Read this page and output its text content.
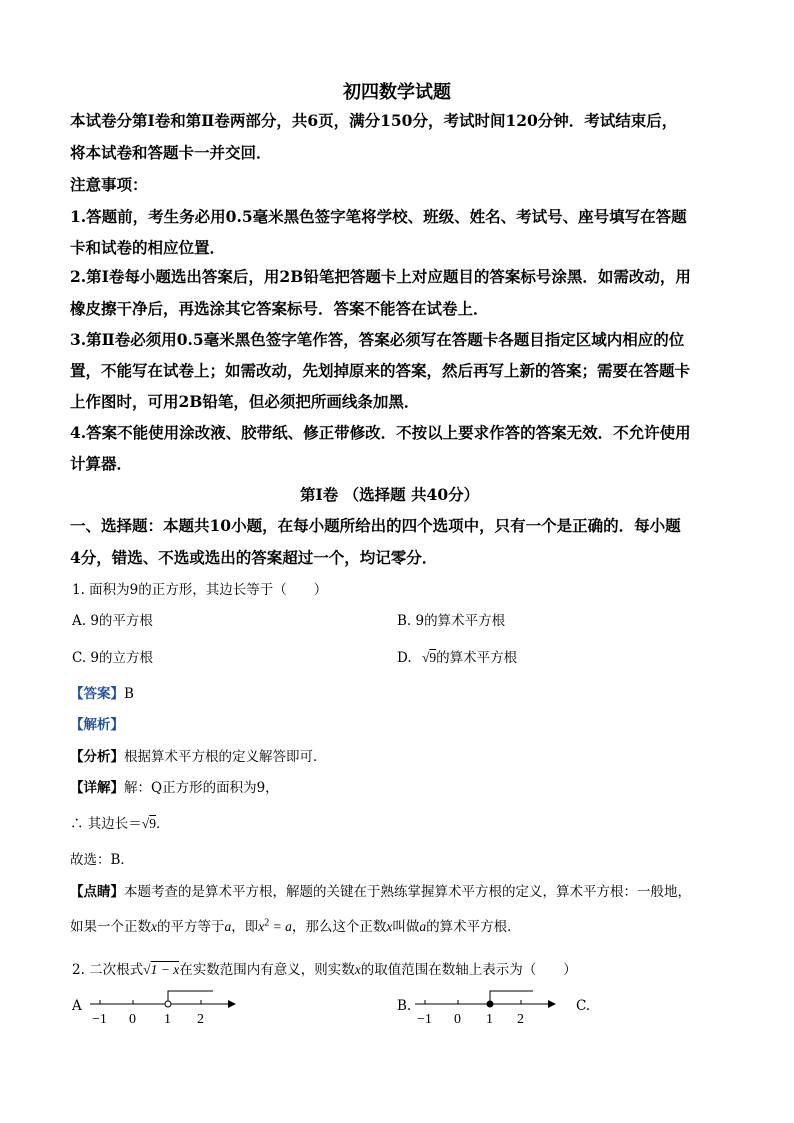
初四数学试题
本试卷分第Ⅰ卷和第Ⅱ卷两部分，共6页，满分150分，考试时间120分钟．考试结束后，
将本试卷和答题卡一并交回．
注意事项：
1.答题前，考生务必用0.5毫米黑色签字笔将学校、班级、姓名、考试号、座号填写在答题
卡和试卷的相应位置．
2.第Ⅰ卷每小题选出答案后，用2B铅笔把答题卡上对应题目的答案标号涂黑．如需改动，用
橡皮擦干净后，再选涂其它答案标号．答案不能答在试卷上．
3.第Ⅱ卷必须用0.5毫米黑色签字笔作答，答案必须写在答题卡各题目指定区域内相应的位
置，不能写在试卷上；如需改动，先划掉原来的答案，然后再写上新的答案；需要在答题卡
上作图时，可用2B铅笔，但必须把所画线条加黑．
4.答案不能使用涂改液、胶带纸、修正带修改．不按以上要求作答的答案无效．不允许使用
计算器．
第Ⅰ卷 （选择题 共40分）
一、选择题：本题共10小题，在每小题所给出的四个选项中，只有一个是正确的．每小题
4分，错选、不选或选出的答案超过一个，均记零分．
1. 面积为9的正方形，其边长等于（　　）
A. 9的平方根	B. 9的算术平方根
C. 9的立方根	D. √9的算术平方根
【答案】B
【解析】
【分析】根据算术平方根的定义解答即可．
【详解】解：Q正方形的面积为9，
∴ 其边长＝√9．
故选：B．
【点睛】本题考查的是算术平方根，解题的关键在于熟练掌握算术平方根的定义，算术平方根：一般地，
如果一个正数x的平方等于a，即$x^2 = a$，那么这个正数x叫做a的算术平方根．
2. 二次根式√1 − x在实数范围内有意义，则实数x的取值范围在数轴上表示为（　　）
A
−1 0 1 2
B.
−1 0 1 2
C.
